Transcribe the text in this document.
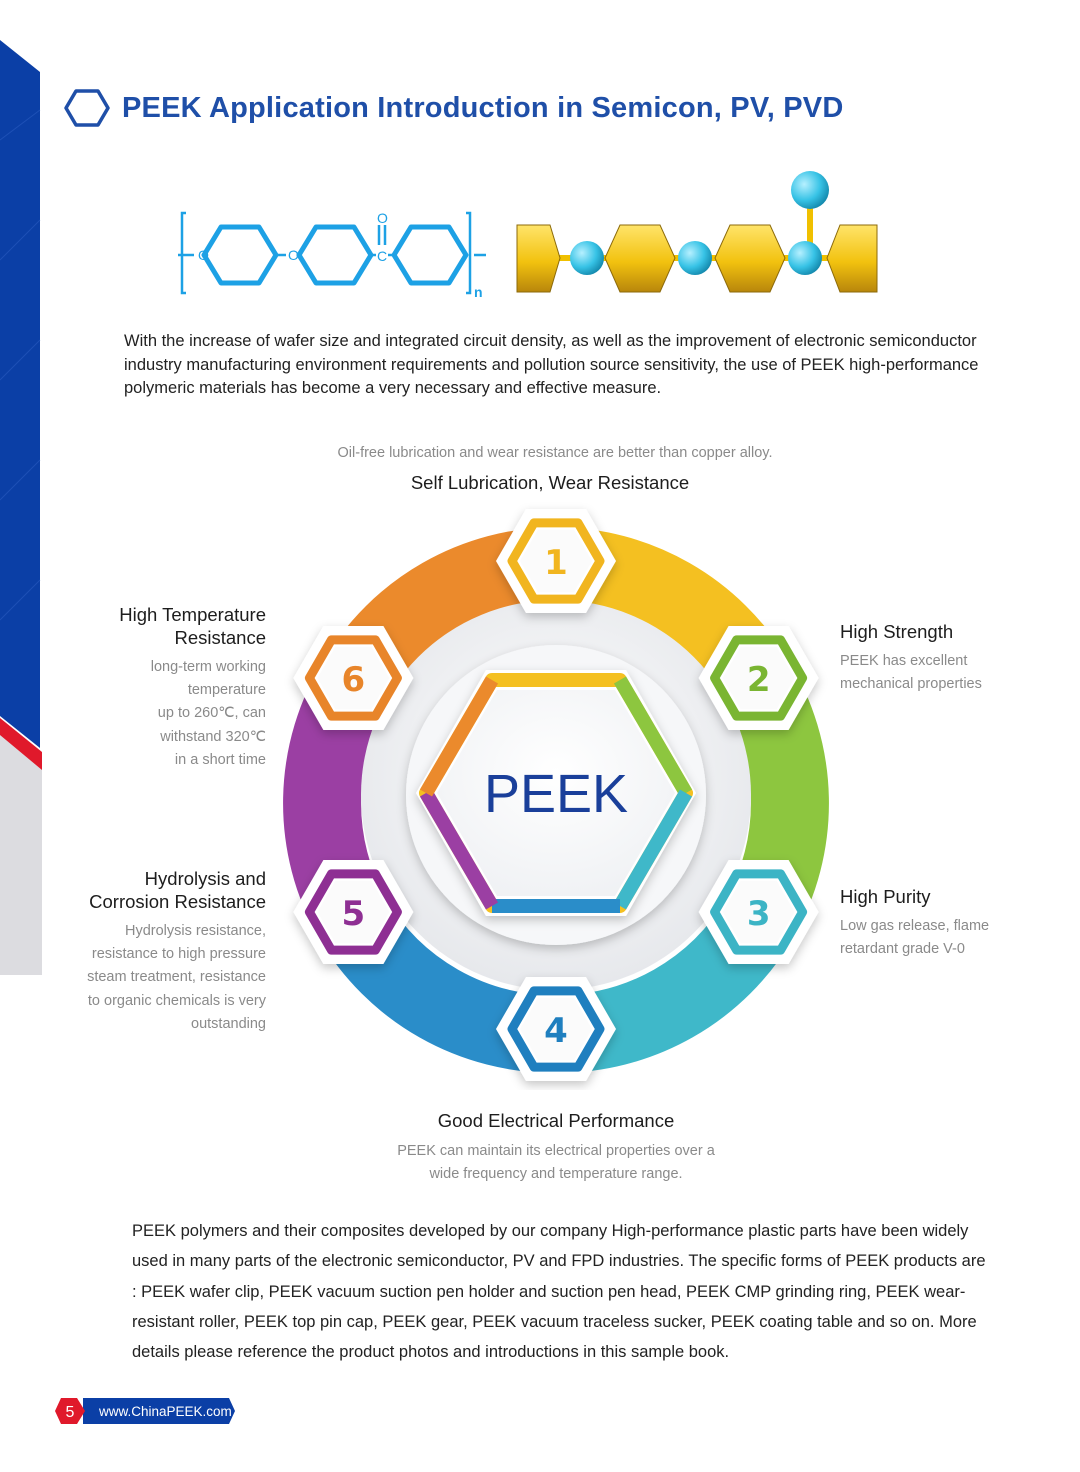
PEEK Application Introduction in Semicon, PV, PVD
O	O	C
O
n
With the increase of wafer size and integrated circuit density, as well as the improvement of electronic semiconductor industry manufacturing environment requirements and pollution source sensitivity, the use of PEEK high-performance polymeric materials has become a very necessary and effective measure.
Oil-free lubrication and wear resistance are better than copper alloy.
Self Lubrication, Wear Resistance
PEEK
1
2
3
4
5
6
High Strength
PEEK has excellent
mechanical properties
High Purity
Low gas release, flame
retardant grade V-0
Good Electrical Performance
PEEK can maintain its electrical properties over a
wide frequency and temperature range.
High Temperature
Resistance
long-term working
temperature
up to 260℃, can
withstand 320℃
in a short time
Hydrolysis and
Corrosion Resistance
Hydrolysis resistance,
resistance to high pressure
steam treatment, resistance
to organic chemicals is very
outstanding
PEEK polymers and their composites developed by our company High-performance plastic parts have been widely used in many parts of the electronic semiconductor, PV and FPD industries. The specific forms of PEEK products are : PEEK wafer clip, PEEK vacuum suction pen holder and suction pen head, PEEK CMP grinding ring, PEEK wear-resistant roller, PEEK top pin cap, PEEK gear, PEEK vacuum traceless sucker, PEEK coating table and so on. More details please reference the product photos and introductions in this sample book.
5 www.ChinaPEEK.com
